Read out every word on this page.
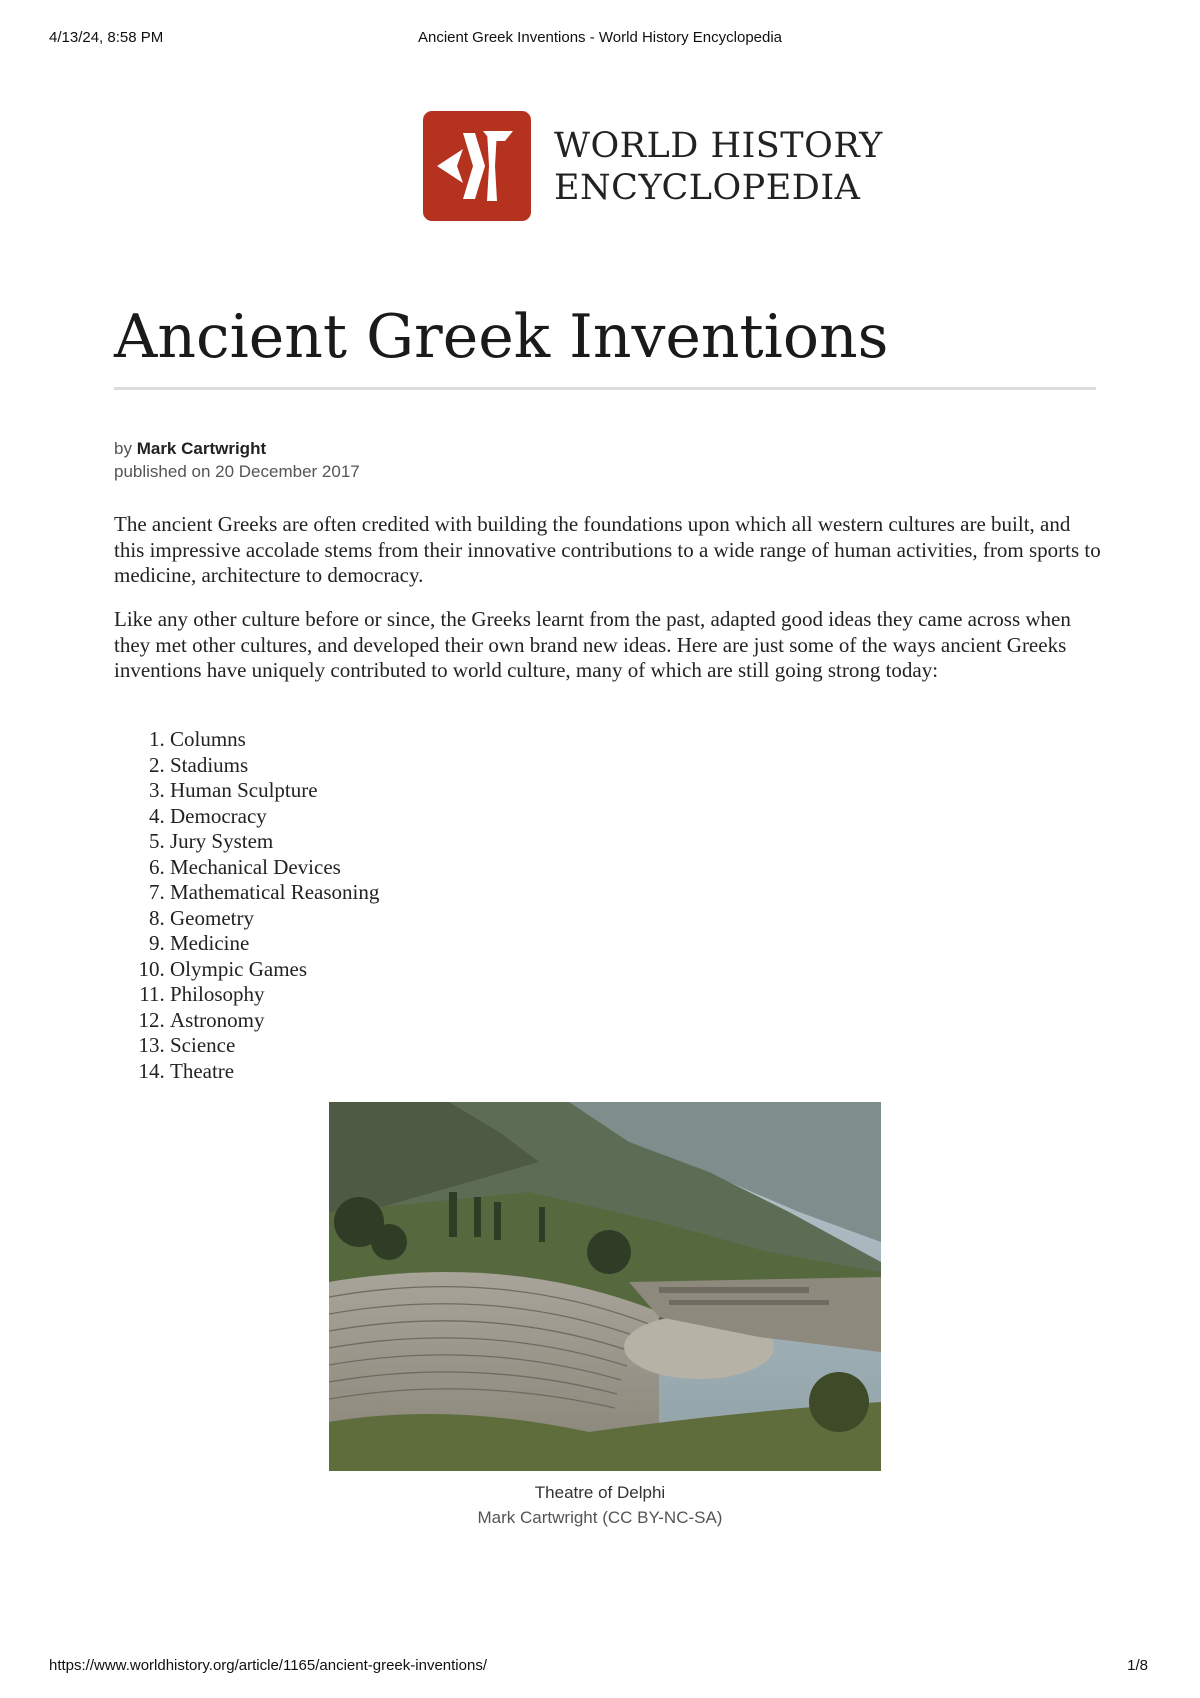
4/13/24, 8:58 PM	Ancient Greek Inventions - World History Encyclopedia
WORLD HISTORY
ENCYCLOPEDIA
Ancient Greek Inventions
by Mark Cartwright
published on 20 December 2017

The ancient Greeks are often credited with building the foundations upon which all western cultures are built, and this impressive accolade stems from their innovative contributions to a wide range of human activities, from sports to medicine, architecture to democracy.

Like any other culture before or since, the Greeks learnt from the past, adapted good ideas they came across when they met other cultures, and developed their own brand new ideas. Here are just some of the ways ancient Greeks inventions have uniquely contributed to world culture, many of which are still going strong today:

1. Columns
2. Stadiums
3. Human Sculpture
4. Democracy
5. Jury System
6. Mechanical Devices
7. Mathematical Reasoning
8. Geometry
9. Medicine
10. Olympic Games
11. Philosophy
12. Astronomy
13. Science
14. Theatre
Theatre of Delphi
Mark Cartwright (CC BY-NC-SA)
https://www.worldhistory.org/article/1165/ancient-greek-inventions/	1/8
